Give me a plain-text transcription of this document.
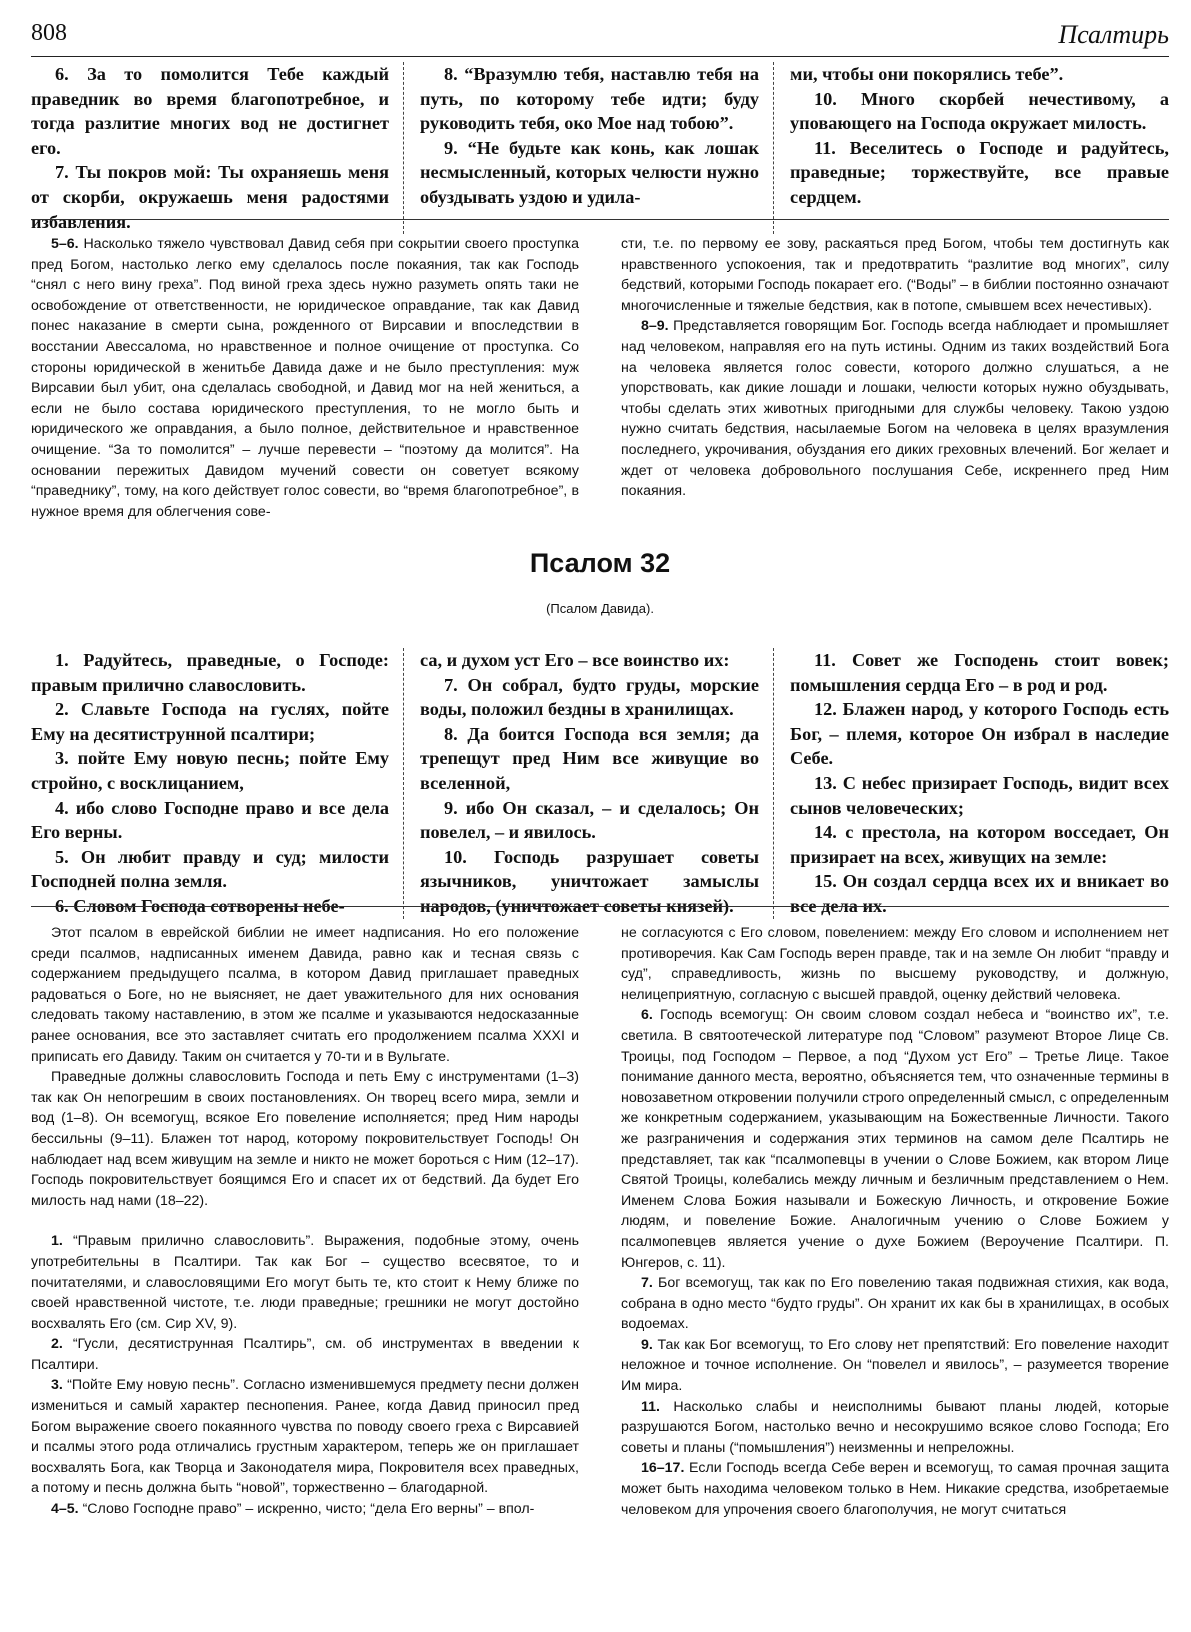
808	Псалтирь

6. За то помолится Тебе каждый праведник во время благопотребное, и тогда разлитие многих вод не достигнет его.

7. Ты покров мой: Ты охраняешь меня от скорби, окружаешь меня радостями избавления.

8. “Вразумлю тебя, наставлю тебя на путь, по которому тебе идти; буду руководить тебя, око Мое над тобою”.

9. “Не будьте как конь, как лошак несмысленный, которых челюсти нужно обуздывать уздою и удила-

ми, чтобы они покорялись тебе”.

10. Много скорбей нечестивому, а уповающего на Господа окружает милость.

11. Веселитесь о Господе и радуйтесь, праведные; торжествуйте, все правые сердцем.

5–6. Насколько тяжело чувствовал Давид себя при сокрытии своего проступка пред Богом, настолько легко ему сделалось после покаяния, так как Господь “снял с него вину греха”. Под виной греха здесь нужно разуметь опять таки не освобождение от ответственности, не юридическое оправдание, так как Давид понес наказание в смерти сына, рожденного от Вирсавии и впоследствии в восстании Авессалома, но нравственное и полное очищение от проступка. Со стороны юридической в женитьбе Давида даже и не было преступления: муж Вирсавии был убит, она сделалась свободной, и Давид мог на ней жениться, а если не было состава юридического преступления, то не могло быть и юридического же оправдания, а было полное, действительное и нравственное очищение. “За то помолится” – лучше перевести – “поэтому да молится”. На основании пережитых Давидом мучений совести он советует всякому “праведнику”, тому, на кого действует голос совести, во “время благопотребное”, в нужное время для облегчения сове-

сти, т.е. по первому ее зову, раскаяться пред Богом, чтобы тем достигнуть как нравственного успокоения, так и предотвратить “разлитие вод многих”, силу бедствий, которыми Господь покарает его. (“Воды” – в библии постоянно означают многочисленные и тяжелые бедствия, как в потопе, смывшем всех нечестивых).

8–9. Представляется говорящим Бог. Господь всегда наблюдает и промышляет над человеком, направляя его на путь истины. Одним из таких воздействий Бога на человека является голос совести, которого должно слушаться, а не упорствовать, как дикие лошади и лошаки, челюсти которых нужно обуздывать, чтобы сделать этих животных пригодными для службы человеку. Такою уздою нужно считать бедствия, насылаемые Богом на человека в целях вразумления последнего, укрочивания, обуздания его диких греховных влечений. Бог желает и ждет от человека добровольного послушания Себе, искреннего пред Ним покаяния.

Псалом 32
(Псалом Давида).

1. Радуйтесь, праведные, о Господе: правым прилично славословить.

2. Славьте Господа на гуслях, пойте Ему на десятиструнной псалтири;

3. пойте Ему новую песнь; пойте Ему стройно, с восклицанием,

4. ибо слово Господне право и все дела Его верны.

5. Он любит правду и суд; милости Господней полна земля.

6. Словом Господа сотворены небе-

са, и духом уст Его – все воинство их:

7. Он собрал, будто груды, морские воды, положил бездны в хранилищах.

8. Да боится Господа вся земля; да трепещут пред Ним все живущие во вселенной,

9. ибо Он сказал, – и сделалось; Он повелел, – и явилось.

10. Господь разрушает советы язычников, уничтожает замыслы народов, (уничтожает советы князей).

11. Совет же Господень стоит вовек; помышления сердца Его – в род и род.

12. Блажен народ, у которого Господь есть Бог, – племя, которое Он избрал в наследие Себе.

13. С небес призирает Господь, видит всех сынов человеческих;

14. с престола, на котором восседает, Он призирает на всех, живущих на земле:

15. Он создал сердца всех их и вникает во все дела их.

Этот псалом в еврейской библии не имеет надписания. Но его положение среди псалмов, надписанных именем Давида, равно как и тесная связь с содержанием предыдущего псалма, в котором Давид приглашает праведных радоваться о Боге, но не выясняет, не дает уважительного для них основания следовать такому наставлению, в этом же псалме и указываются недосказанные ранее основания, все это заставляет считать его продолжением псалма XXXI и приписать его Давиду. Таким он считается у 70-ти и в Вульгате.

Праведные должны славословить Господа и петь Ему с инструментами (1–3) так как Он непогрешим в своих постановлениях. Он творец всего мира, земли и вод (1–8). Он всемогущ, всякое Его повеление исполняется; пред Ним народы бессильны (9–11). Блажен тот народ, которому покровительствует Господь! Он наблюдает над всем живущим на земле и никто не может бороться с Ним (12–17). Господь покровительствует боящимся Его и спасет их от бедствий. Да будет Его милость над нами (18–22).

1. “Правым прилично славословить”. Выражения, подобные этому, очень употребительны в Псалтири. Так как Бог – существо всесвятое, то и почитателями, и славословящими Его могут быть те, кто стоит к Нему ближе по своей нравственной чистоте, т.е. люди праведные; грешники не могут достойно восхвалять Его (см. Сир XV, 9).

2. “Гусли, десятиструнная Псалтирь”, см. об инструментах в введении к Псалтири.

3. “Пойте Ему новую песнь”. Согласно изменившемуся предмету песни должен измениться и самый характер песнопения. Ранее, когда Давид приносил пред Богом выражение своего покаянного чувства по поводу своего греха с Вирсавией и псалмы этого рода отличались грустным характером, теперь же он приглашает восхвалять Бога, как Творца и Законодателя мира, Покровителя всех праведных, а потому и песнь должна быть “новой”, торжественно – благодарной.

4–5. “Слово Господне право” – искренно, чисто; “дела Его верны” – впол-

не согласуются с Его словом, повелением: между Его словом и исполнением нет противоречия. Как Сам Господь верен правде, так и на земле Он любит “правду и суд”, справедливость, жизнь по высшему руководству, и должную, нелицеприятную, согласную с высшей правдой, оценку действий человека.

6. Господь всемогущ: Он своим словом создал небеса и “воинство их”, т.е. светила. В святоотеческой литературе под “Словом” разумеют Второе Лице Св. Троицы, под Господом – Первое, а под “Духом уст Его” – Третье Лице. Такое понимание данного места, вероятно, объясняется тем, что означенные термины в новозаветном откровении получили строго определенный смысл, с определенным же конкретным содержанием, указывающим на Божественные Личности. Такого же разграничения и содержания этих терминов на самом деле Псалтирь не представляет, так как “псалмопевцы в учении о Слове Божием, как втором Лице Святой Троицы, колебались между личным и безличным представлением о Нем. Именем Слова Божия называли и Божескую Личность, и откровение Божие людям, и повеление Божие. Аналогичным учению о Слове Божием у псалмопевцев является учение о духе Божием (Вероучение Псалтири. П. Юнгеров, с. 11).

7. Бог всемогущ, так как по Его повелению такая подвижная стихия, как вода, собрана в одно место “будто груды”. Он хранит их как бы в хранилищах, в особых водоемах.

9. Так как Бог всемогущ, то Его слову нет препятствий: Его повеление находит неложное и точное исполнение. Он “повелел и явилось”, – разумеется творение Им мира.

11. Насколько слабы и неисполнимы бывают планы людей, которые разрушаются Богом, настолько вечно и несокрушимо всякое слово Господа; Его советы и планы (“помышления”) неизменны и непреложны.

16–17. Если Господь всегда Себе верен и всемогущ, то самая прочная защита может быть находима человеком только в Нем. Никакие средства, изобретаемые человеком для упрочения своего благополучия, не могут считаться
